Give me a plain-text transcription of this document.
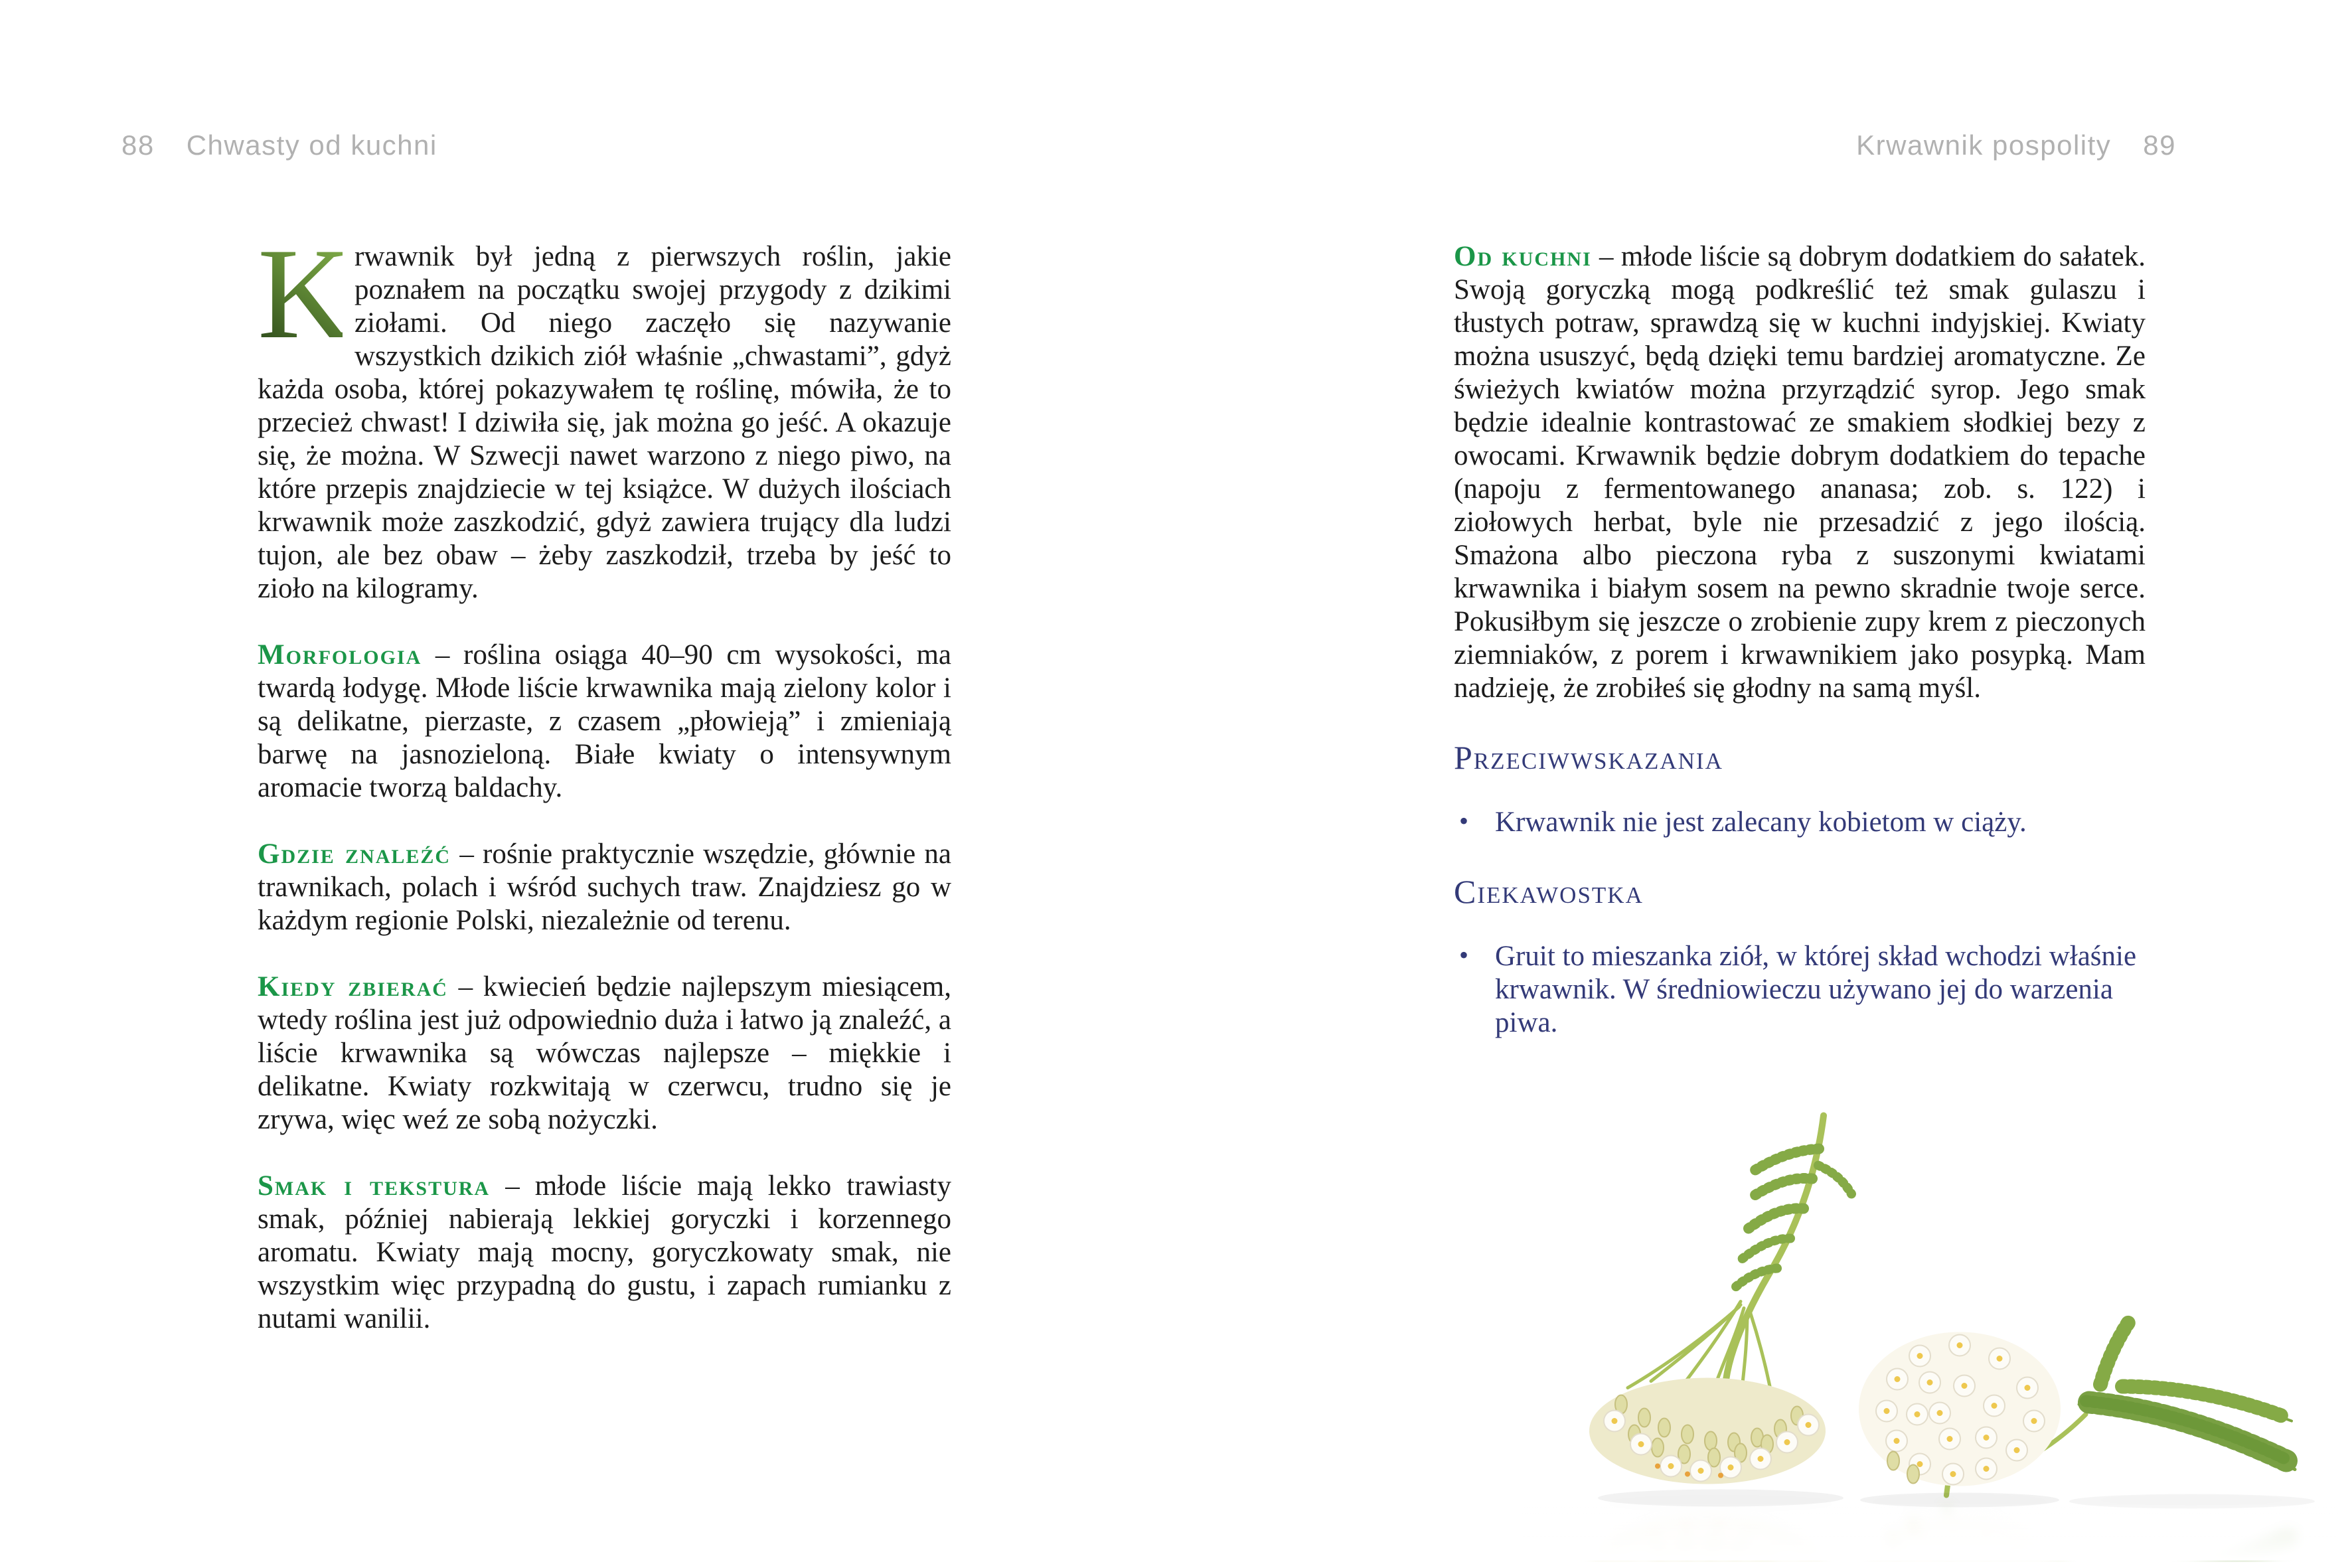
88 Chwasty od kuchni	Krwawnik pospolity 89

K rwawnik był jedną z pierwszych roślin, jakie poznałem na początku swojej przygody z dzikimi ziołami. Od niego zaczęło się nazywanie wszystkich dzikich ziół właśnie „chwastami”, gdyż każda osoba, której pokazywałem tę roślinę, mówiła, że to przecież chwast! I dziwiła się, jak można go jeść. A okazuje się, że można. W Szwecji nawet warzono z niego piwo, na które przepis znajdziecie w tej książce. W dużych ilościach krwawnik może zaszkodzić, gdyż zawiera trujący dla ludzi tujon, ale bez obaw – żeby zaszkodził, trzeba by jeść to zioło na kilogramy.

Morfologia – roślina osiąga 40–90 cm wysokości, ma twardą łodygę. Młode liście krwawnika mają zielony kolor i są delikatne, pierzaste, z czasem „płowieją” i zmieniają barwę na jasnozieloną. Białe kwiaty o intensywnym aromacie tworzą baldachy.

Gdzie znaleźć – rośnie praktycznie wszędzie, głównie na trawnikach, polach i wśród suchych traw. Znajdziesz go w każdym regionie Polski, niezależnie od terenu.

Kiedy zbierać – kwiecień będzie najlepszym miesiącem, wtedy roślina jest już odpowiednio duża i łatwo ją znaleźć, a liście krwawnika są wówczas najlepsze – miękkie i delikatne. Kwiaty rozkwitają w czerwcu, trudno się je zrywa, więc weź ze sobą nożyczki.

Smak i tekstura – młode liście mają lekko trawiasty smak, później nabierają lekkiej goryczki i korzennego aromatu. Kwiaty mają mocny, goryczkowaty smak, nie wszystkim więc przypadną do gustu, i zapach rumianku z nutami wanilii.

Od kuchni – młode liście są dobrym dodatkiem do sałatek. Swoją goryczką mogą podkreślić też smak gulaszu i tłustych potraw, sprawdzą się w kuchni indyjskiej. Kwiaty można ususzyć, będą dzięki temu bardziej aromatyczne. Ze świeżych kwiatów można przyrządzić syrop. Jego smak będzie idealnie kontrastować ze smakiem słodkiej bezy z owocami. Krwawnik będzie dobrym dodatkiem do tepache (napoju z fermentowanego ananasa; zob. s. 122) i ziołowych herbat, byle nie przesadzić z jego ilością. Smażona albo pieczona ryba z suszonymi kwiatami krwawnika i białym sosem na pewno skradnie twoje serce. Pokusiłbym się jeszcze o zrobienie zupy krem z pieczonych ziemniaków, z porem i krwawnikiem jako posypką. Mam nadzieję, że zrobiłeś się głodny na samą myśl.

Przeciwwskazania
• Krwawnik nie jest zalecany kobietom w ciąży.
Ciekawostka
• Gruit to mieszanka ziół, w której skład wchodzi właśnie krwawnik. W średniowieczu używano jej do warzenia piwa.
